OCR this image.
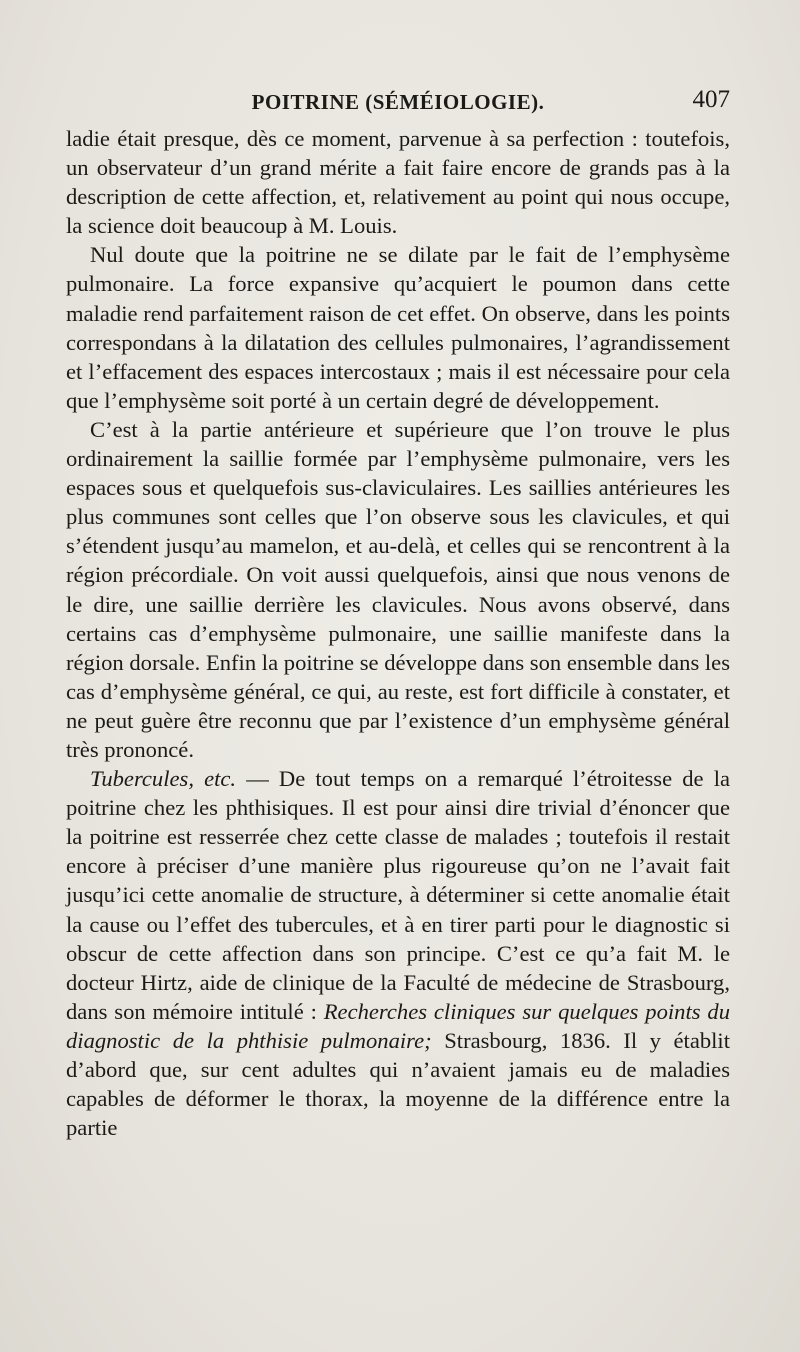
POITRINE (SÉMÉIOLOGIE).	407

ladie était presque, dès ce moment, parvenue à sa perfection : toutefois, un observateur d’un grand mérite a fait faire encore de grands pas à la description de cette affection, et, relativement au point qui nous occupe, la science doit beaucoup à M. Louis.

Nul doute que la poitrine ne se dilate par le fait de l’emphysème pulmonaire. La force expansive qu’acquiert le poumon dans cette maladie rend parfaitement raison de cet effet. On observe, dans les points correspondans à la dilatation des cellules pulmonaires, l’agrandissement et l’effacement des espaces intercostaux ; mais il est nécessaire pour cela que l’emphysème soit porté à un certain degré de développement.

C’est à la partie antérieure et supérieure que l’on trouve le plus ordinairement la saillie formée par l’emphysème pulmonaire, vers les espaces sous et quelquefois sus-claviculaires. Les saillies antérieures les plus communes sont celles que l’on observe sous les clavicules, et qui s’étendent jusqu’au mamelon, et au-delà, et celles qui se rencontrent à la région précordiale. On voit aussi quelquefois, ainsi que nous venons de le dire, une saillie derrière les clavicules. Nous avons observé, dans certains cas d’emphysème pulmonaire, une saillie manifeste dans la région dorsale. Enfin la poitrine se développe dans son ensemble dans les cas d’emphysème général, ce qui, au reste, est fort difficile à constater, et ne peut guère être reconnu que par l’existence d’un emphysème général très prononcé.

Tubercules, etc. — De tout temps on a remarqué l’étroitesse de la poitrine chez les phthisiques. Il est pour ainsi dire trivial d’énoncer que la poitrine est resserrée chez cette classe de malades ; toutefois il restait encore à préciser d’une manière plus rigoureuse qu’on ne l’avait fait jusqu’ici cette anomalie de structure, à déterminer si cette anomalie était la cause ou l’effet des tubercules, et à en tirer parti pour le diagnostic si obscur de cette affection dans son principe. C’est ce qu’a fait M. le docteur Hirtz, aide de clinique de la Faculté de médecine de Strasbourg, dans son mémoire intitulé : Recherches cliniques sur quelques points du diagnostic de la phthisie pulmonaire; Strasbourg, 1836. Il y établit d’abord que, sur cent adultes qui n’avaient jamais eu de maladies capables de déformer le thorax, la moyenne de la différence entre la partie
